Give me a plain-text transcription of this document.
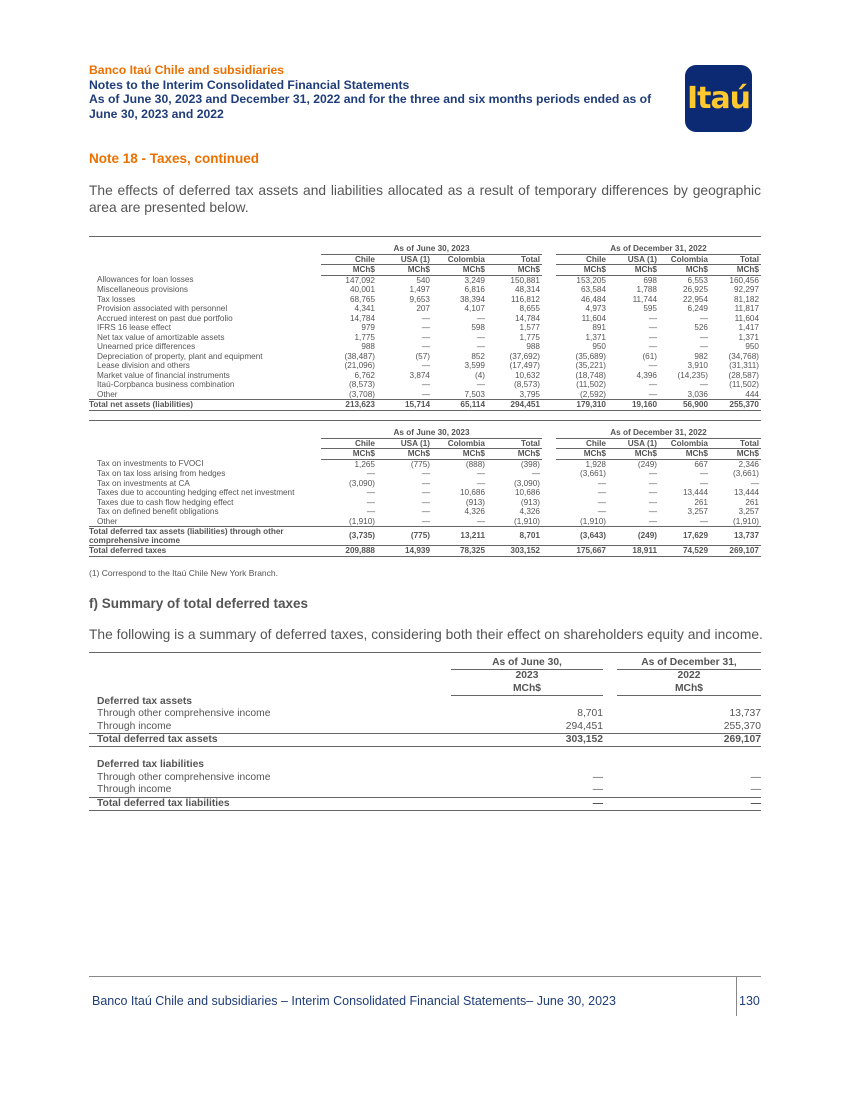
Banco Itaú Chile and subsidiaries
Notes to the Interim Consolidated Financial Statements
As of June 30, 2023 and December 31, 2022 and for the three and six months periods ended as of
June 30, 2023 and 2022	Itaú
Note 18 - Taxes, continued
The effects of deferred tax assets and liabilities allocated as a result of temporary differences by geographic area are presented below.

	As of June 30, 2023					As of December 31, 2022			
	Chile	USA (1)	Colombia	Total		Chile	USA (1)	Colombia	Total
	MCh$	MCh$	MCh$	MCh$		MCh$	MCh$	MCh$	MCh$
Allowances for loan losses	147,092	540	3,249	150,881		153,205	698	6,553	160,456
Miscellaneous provisions	40,001	1,497	6,816	48,314		63,584	1,788	26,925	92,297
Tax losses	68,765	9,653	38,394	116,812		46,484	11,744	22,954	81,182
Provision associated with personnel	4,341	207	4,107	8,655		4,973	595	6,249	11,817
Accrued interest on past due portfolio	14,784	—	—	14,784		11,604	—	—	11,604
IFRS 16 lease effect	979	—	598	1,577		891	—	526	1,417
Net tax value of amortizable assets	1,775	—	—	1,775		1,371	—	—	1,371
Unearned price differences	988	—	—	988		950	—	—	950
Depreciation of property, plant and equipment	(38,487)	(57)	852	(37,692)		(35,689)	(61)	982	(34,768)
Lease division and others	(21,096)	—	3,599	(17,497)		(35,221)	—	3,910	(31,311)
Market value of financial instruments	6,762	3,874	(4)	10,632		(18,748)	4,396	(14,235)	(28,587)
Itaú-Corpbanca business combination	(8,573)	—	—	(8,573)		(11,502)	—	—	(11,502)
Other	(3,708)	—	7,503	3,795		(2,592)	—	3,036	444
Total net assets (liabilities)	213,623	15,714	65,114	294,451		179,310	19,160	56,900	255,370

	As of June 30, 2023					As of December 31, 2022			
	Chile	USA (1)	Colombia	Total		Chile	USA (1)	Colombia	Total
	MCh$	MCh$	MCh$	MCh$		MCh$	MCh$	MCh$	MCh$
Tax on investments to FVOCI	1,265	(775)	(888)	(398)		1,928	(249)	667	2,346
Tax on tax loss arising from hedges	—	—	—	—		(3,661)	—	—	(3,661)
Tax on investments at CA	(3,090)	—	—	(3,090)		—	—	—	—
Taxes due to accounting hedging effect net investment	—	—	10,686	10,686		—	—	13,444	13,444
Taxes due to cash flow hedging effect	—	—	(913)	(913)		—	—	261	261
Tax on defined benefit obligations	—	—	4,326	4,326		—	—	3,257	3,257
Other	(1,910)	—	—	(1,910)		(1,910)	—	—	(1,910)

Total deferred tax assets (liabilities) through other
comprehensive income	(3,735)	(775)	13,211	8,701		(3,643)	(249)	17,629	13,737
Total deferred taxes	209,888	14,939	78,325	303,152		175,667	18,911	74,529	269,107
(1) Correspond to the Itaú Chile New York Branch.
f) Summary of total deferred taxes
The following is a summary of deferred taxes, considering both their effect on shareholders equity and income.

	As of June 30,		As of December 31,
	2023		2022
	MCh$		MCh$
Deferred tax assets			
Through other comprehensive income	8,701		13,737
Through income	294,451		255,370
Total deferred tax assets	303,152		269,107

Deferred tax liabilities			
Through other comprehensive income	—		—
Through income	—		—
Total deferred tax liabilities	—		—
Banco Itaú Chile and subsidiaries – Interim Consolidated Financial Statements– June 30, 2023	130
